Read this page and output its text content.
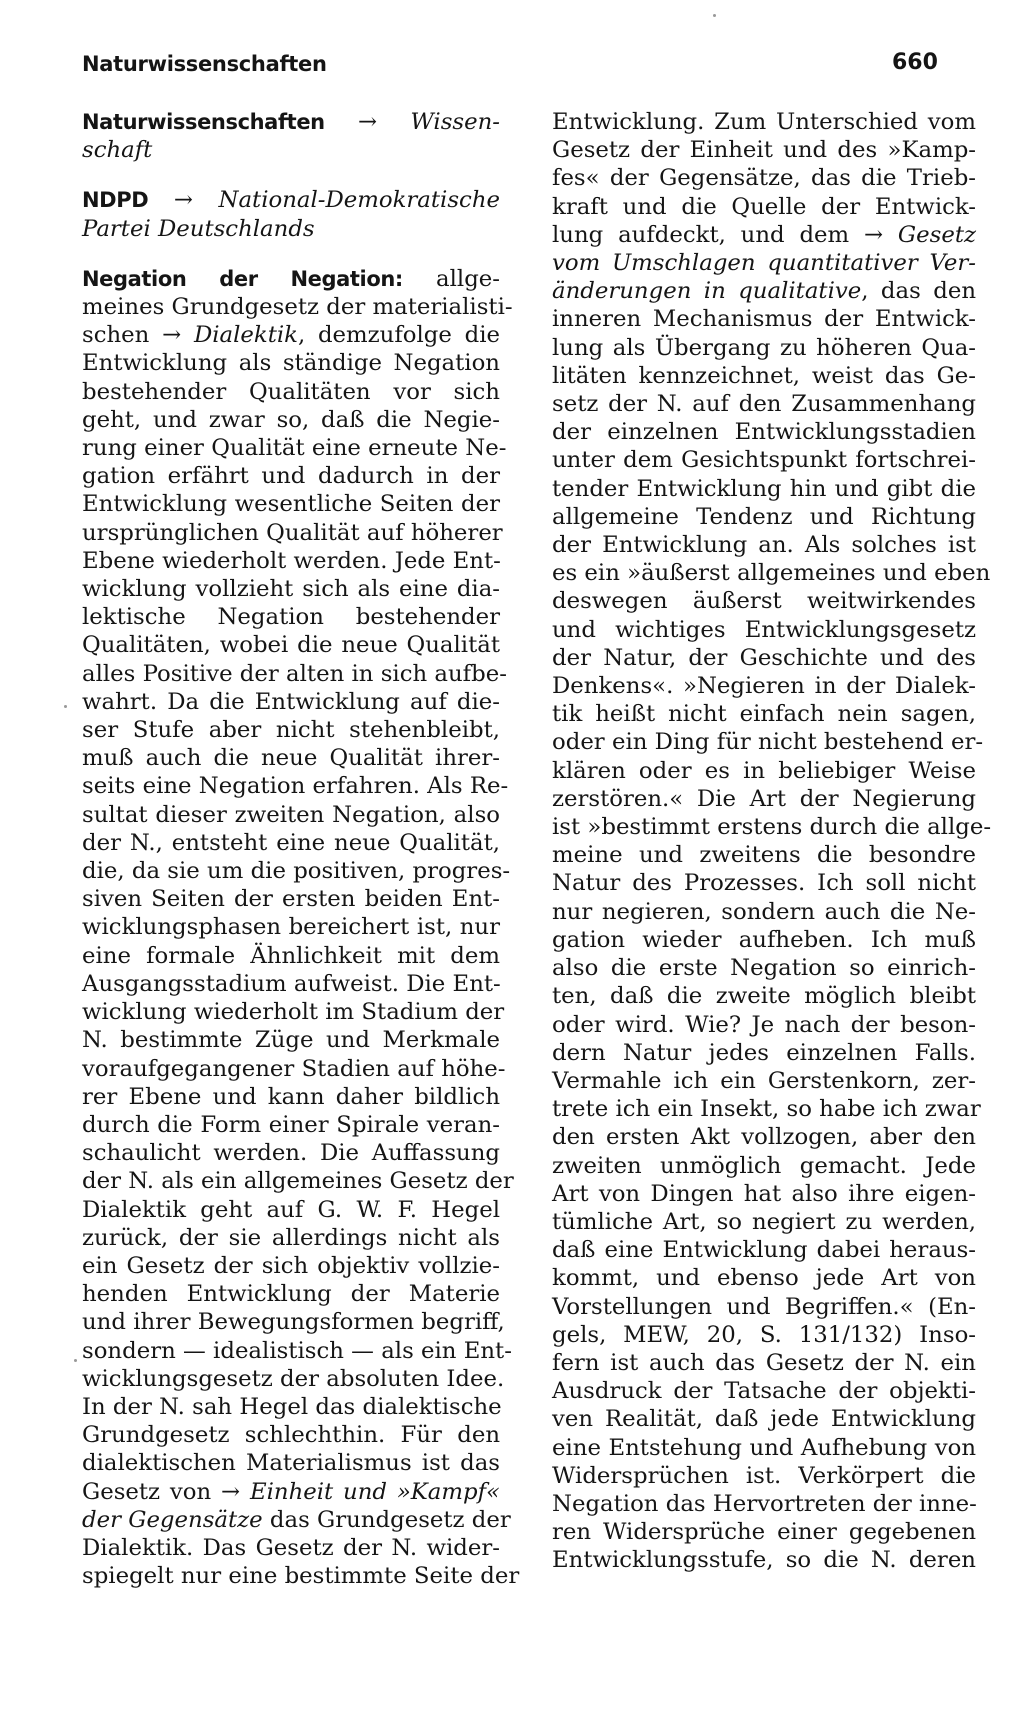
Naturwissenschaften	660
Naturwissenschaften → Wissen-
schaft
NDPD → National-Demokratische
Partei Deutschlands
Negation der Negation: allge-
meines Grundgesetz der materialisti-
schen → Dialektik, demzufolge die
Entwicklung als ständige Negation
bestehender Qualitäten vor sich
geht, und zwar so, daß die Negie-
rung einer Qualität eine erneute Ne-
gation erfährt und dadurch in der
Entwicklung wesentliche Seiten der
ursprünglichen Qualität auf höherer
Ebene wiederholt werden. Jede Ent-
wicklung vollzieht sich als eine dia-
lektische Negation bestehender
Qualitäten, wobei die neue Qualität
alles Positive der alten in sich aufbe-
wahrt. Da die Entwicklung auf die-
ser Stufe aber nicht stehenbleibt,
muß auch die neue Qualität ihrer-
seits eine Negation erfahren. Als Re-
sultat dieser zweiten Negation, also
der N., entsteht eine neue Qualität,
die, da sie um die positiven, progres-
siven Seiten der ersten beiden Ent-
wicklungsphasen bereichert ist, nur
eine formale Ähnlichkeit mit dem
Ausgangsstadium aufweist. Die Ent-
wicklung wiederholt im Stadium der
N. bestimmte Züge und Merkmale
voraufgegangener Stadien auf höhe-
rer Ebene und kann daher bildlich
durch die Form einer Spirale veran-
schaulicht werden. Die Auffassung
der N. als ein allgemeines Gesetz der
Dialektik geht auf G. W. F. Hegel
zurück, der sie allerdings nicht als
ein Gesetz der sich objektiv vollzie-
henden Entwicklung der Materie
und ihrer Bewegungsformen begriff,
sondern — idealistisch — als ein Ent-
wicklungsgesetz der absoluten Idee.
In der N. sah Hegel das dialektische
Grundgesetz schlechthin. Für den
dialektischen Materialismus ist das
Gesetz von → Einheit und »Kampf«
der Gegensätze das Grundgesetz der
Dialektik. Das Gesetz der N. wider-
spiegelt nur eine bestimmte Seite der
Entwicklung. Zum Unterschied vom
Gesetz der Einheit und des »Kamp-
fes« der Gegensätze, das die Trieb-
kraft und die Quelle der Entwick-
lung aufdeckt, und dem → Gesetz
vom Umschlagen quantitativer Ver-
änderungen in qualitative, das den
inneren Mechanismus der Entwick-
lung als Übergang zu höheren Qua-
litäten kennzeichnet, weist das Ge-
setz der N. auf den Zusammenhang
der einzelnen Entwicklungsstadien
unter dem Gesichtspunkt fortschrei-
tender Entwicklung hin und gibt die
allgemeine Tendenz und Richtung
der Entwicklung an. Als solches ist
es ein »äußerst allgemeines und eben
deswegen äußerst weitwirkendes
und wichtiges Entwicklungsgesetz
der Natur, der Geschichte und des
Denkens«. »Negieren in der Dialek-
tik heißt nicht einfach nein sagen,
oder ein Ding für nicht bestehend er-
klären oder es in beliebiger Weise
zerstören.« Die Art der Negierung
ist »bestimmt erstens durch die allge-
meine und zweitens die besondre
Natur des Prozesses. Ich soll nicht
nur negieren, sondern auch die Ne-
gation wieder aufheben. Ich muß
also die erste Negation so einrich-
ten, daß die zweite möglich bleibt
oder wird. Wie? Je nach der beson-
dern Natur jedes einzelnen Falls.
Vermahle ich ein Gerstenkorn, zer-
trete ich ein Insekt, so habe ich zwar
den ersten Akt vollzogen, aber den
zweiten unmöglich gemacht. Jede
Art von Dingen hat also ihre eigen-
tümliche Art, so negiert zu werden,
daß eine Entwicklung dabei heraus-
kommt, und ebenso jede Art von
Vorstellungen und Begriffen.« (En-
gels, MEW, 20, S. 131/132) Inso-
fern ist auch das Gesetz der N. ein
Ausdruck der Tatsache der objekti-
ven Realität, daß jede Entwicklung
eine Entstehung und Aufhebung von
Widersprüchen ist. Verkörpert die
Negation das Hervortreten der inne-
ren Widersprüche einer gegebenen
Entwicklungsstufe, so die N. deren
